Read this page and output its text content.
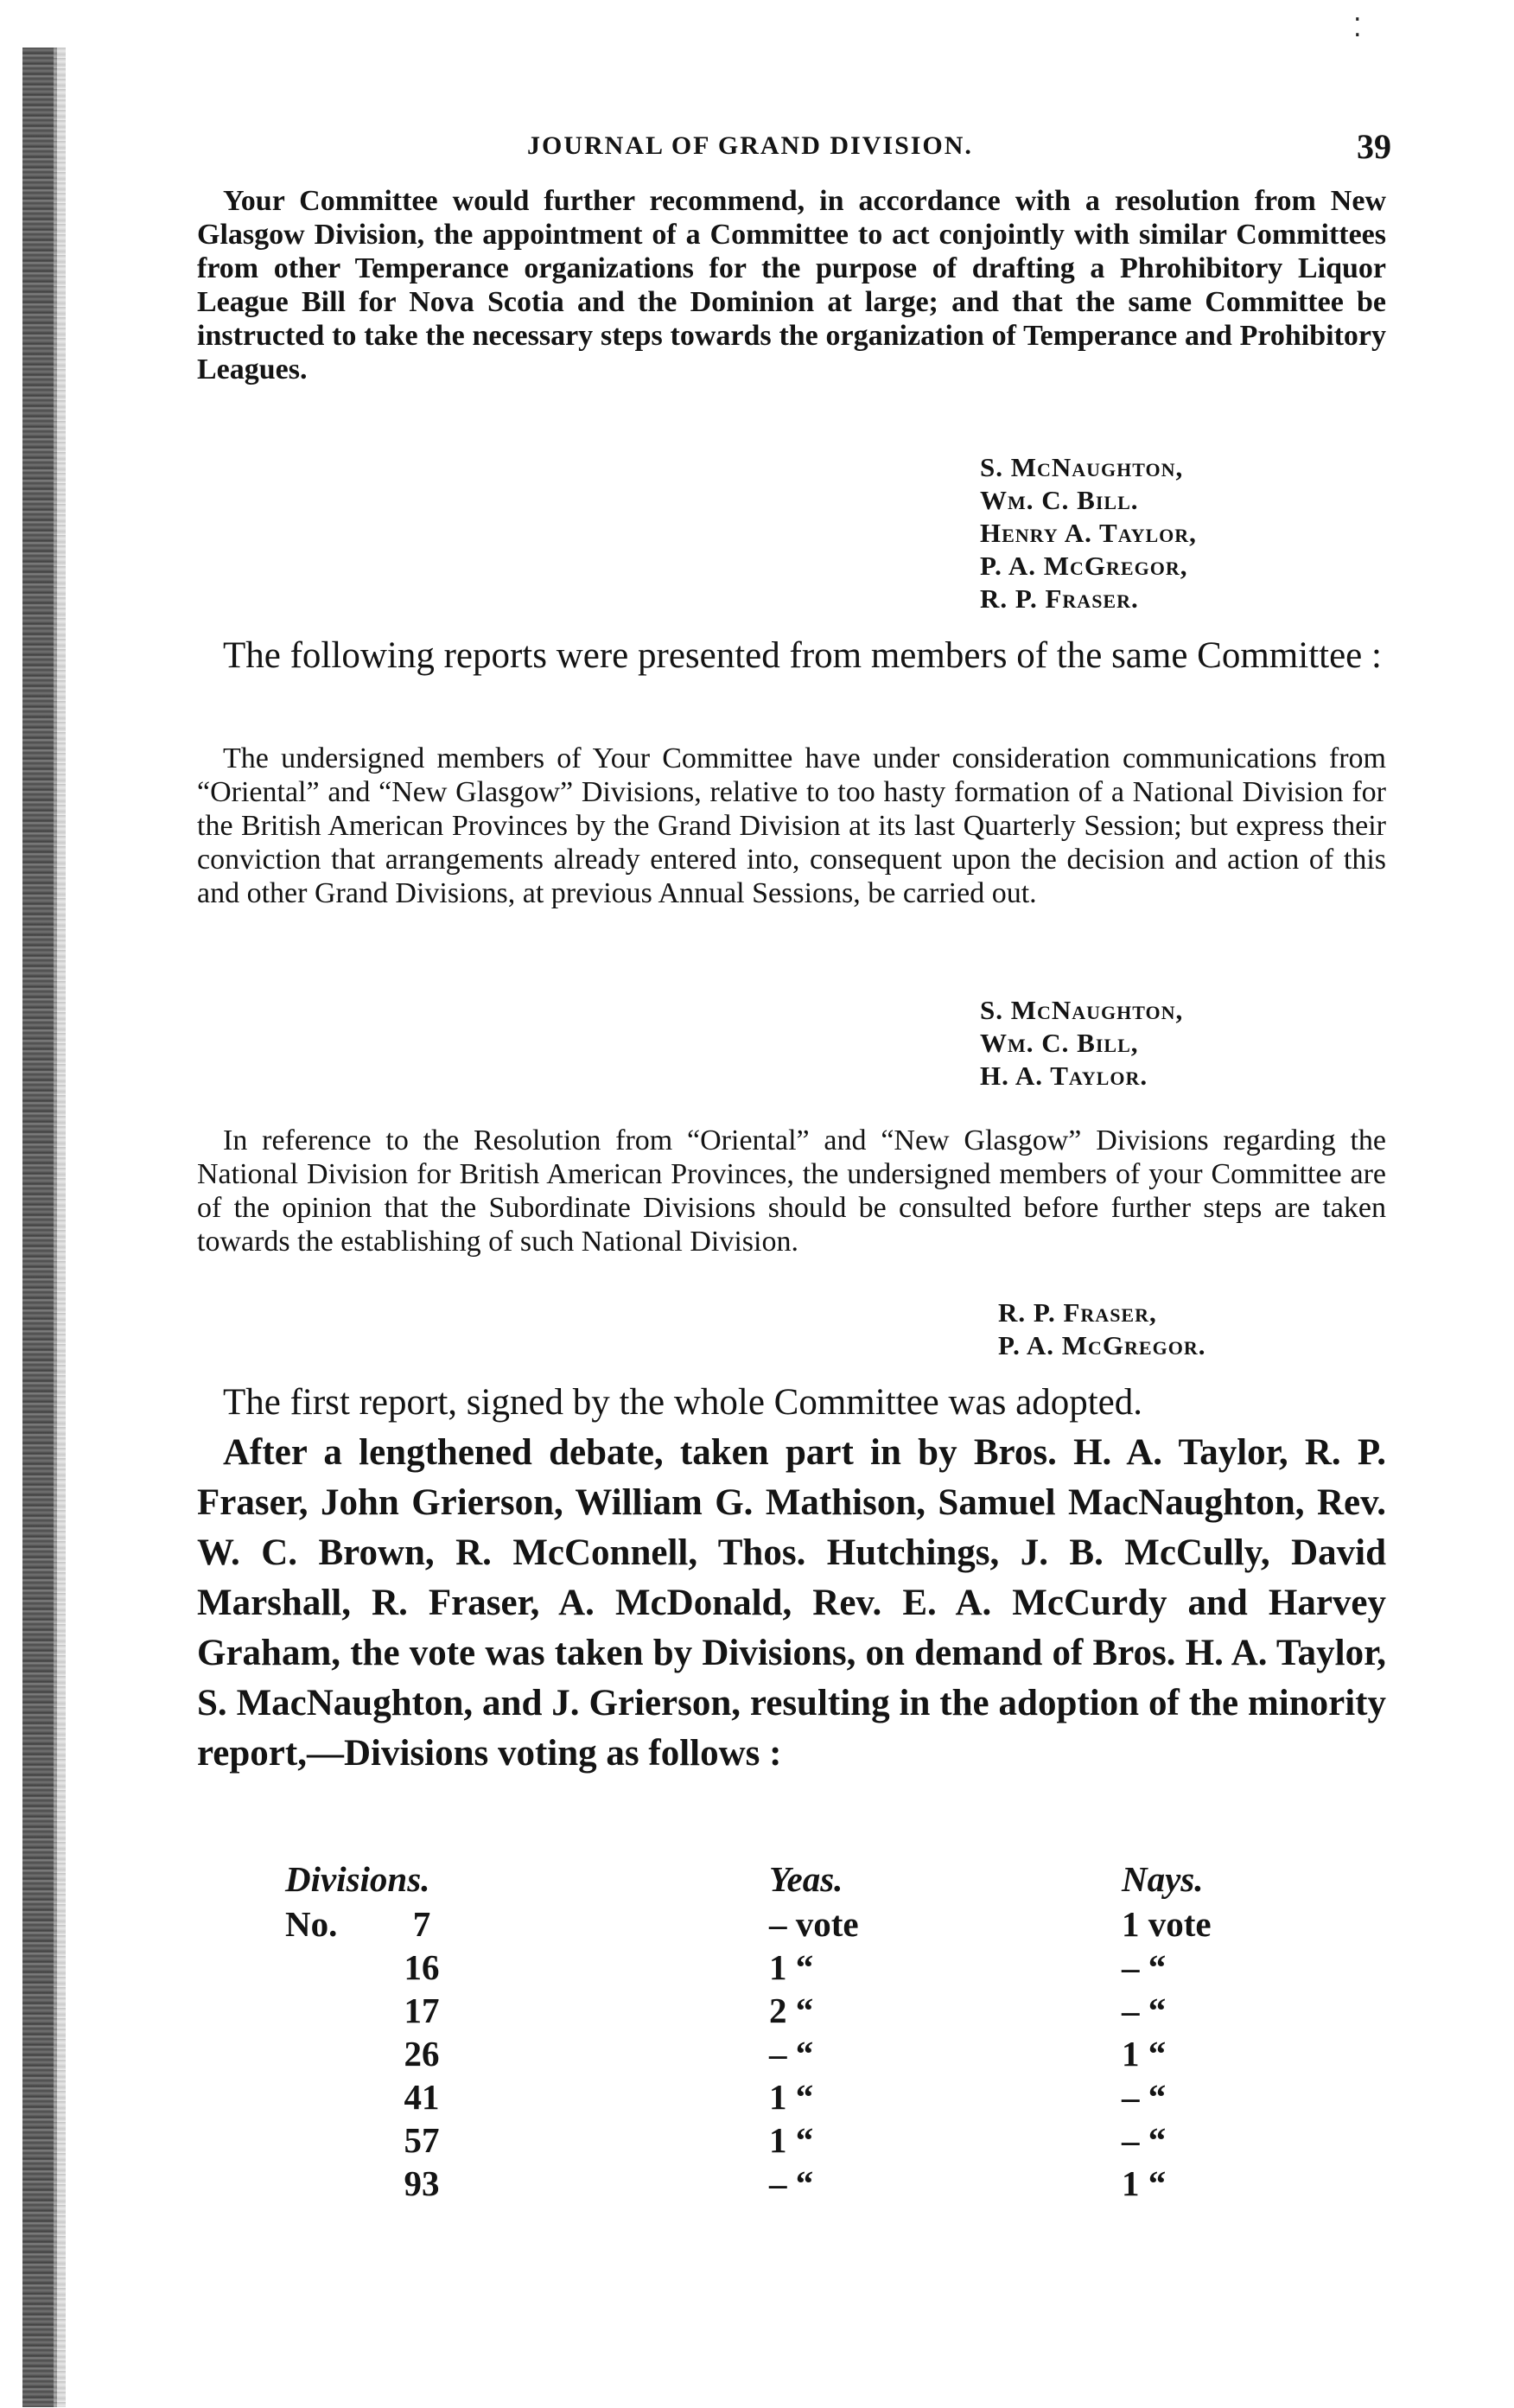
⁚
JOURNAL OF GRAND DIVISION.	39

Your Committee would further recommend, in accordance with a resolution from New Glasgow Division, the appointment of a Committee to act conjointly with similar Committees from other Temperance organizations for the purpose of drafting a Phrohibitory Liquor League Bill for Nova Scotia and the Dominion at large; and that the same Committee be instructed to take the necessary steps towards the organization of Temperance and Prohibitory Leagues.

S. McNaughton,
Wm. C. Bill.
Henry A. Taylor,
P. A. McGregor,
R. P. Fraser.

The following reports were presented from members of the same Committee :

The undersigned members of Your Committee have under consideration communications from “Oriental” and “New Glasgow” Divisions, relative to too hasty formation of a National Division for the British American Provinces by the Grand Division at its last Quarterly Session; but express their conviction that arrangements already entered into, consequent upon the decision and action of this and other Grand Divisions, at previous Annual Sessions, be carried out.

S. McNaughton,
Wm. C. Bill,
H. A. Taylor.

In reference to the Resolution from “Oriental” and “New Glasgow” Divisions regarding the National Division for British American Provinces, the undersigned members of your Committee are of the opinion that the Subordinate Divisions should be consulted before further steps are taken towards the establishing of such National Division.

R. P. Fraser,
P. A. McGregor.

The first report, signed by the whole Committee was adopted.

After a lengthened debate, taken part in by Bros. H. A. Taylor, R. P. Fraser, John Grierson, William G. Mathison, Samuel MacNaughton, Rev. W. C. Brown, R. McConnell, Thos. Hutchings, J. B. McCully, David Marshall, R. Fraser, A. McDonald, Rev. E. A. McCurdy and Harvey Graham, the vote was taken by Divisions, on demand of Bros. H. A. Taylor, S. MacNaughton, and J. Grierson, resulting in the adoption of the minority report,—Divisions voting as follows :

Divisions.	Yeas.	Nays.
No.	7	– vote	1 vote
16	1 “	– “
17	2 “	– “
26	– “	1 “
41	1 “	– “
57	1 “	– “
93	– “	1 “
